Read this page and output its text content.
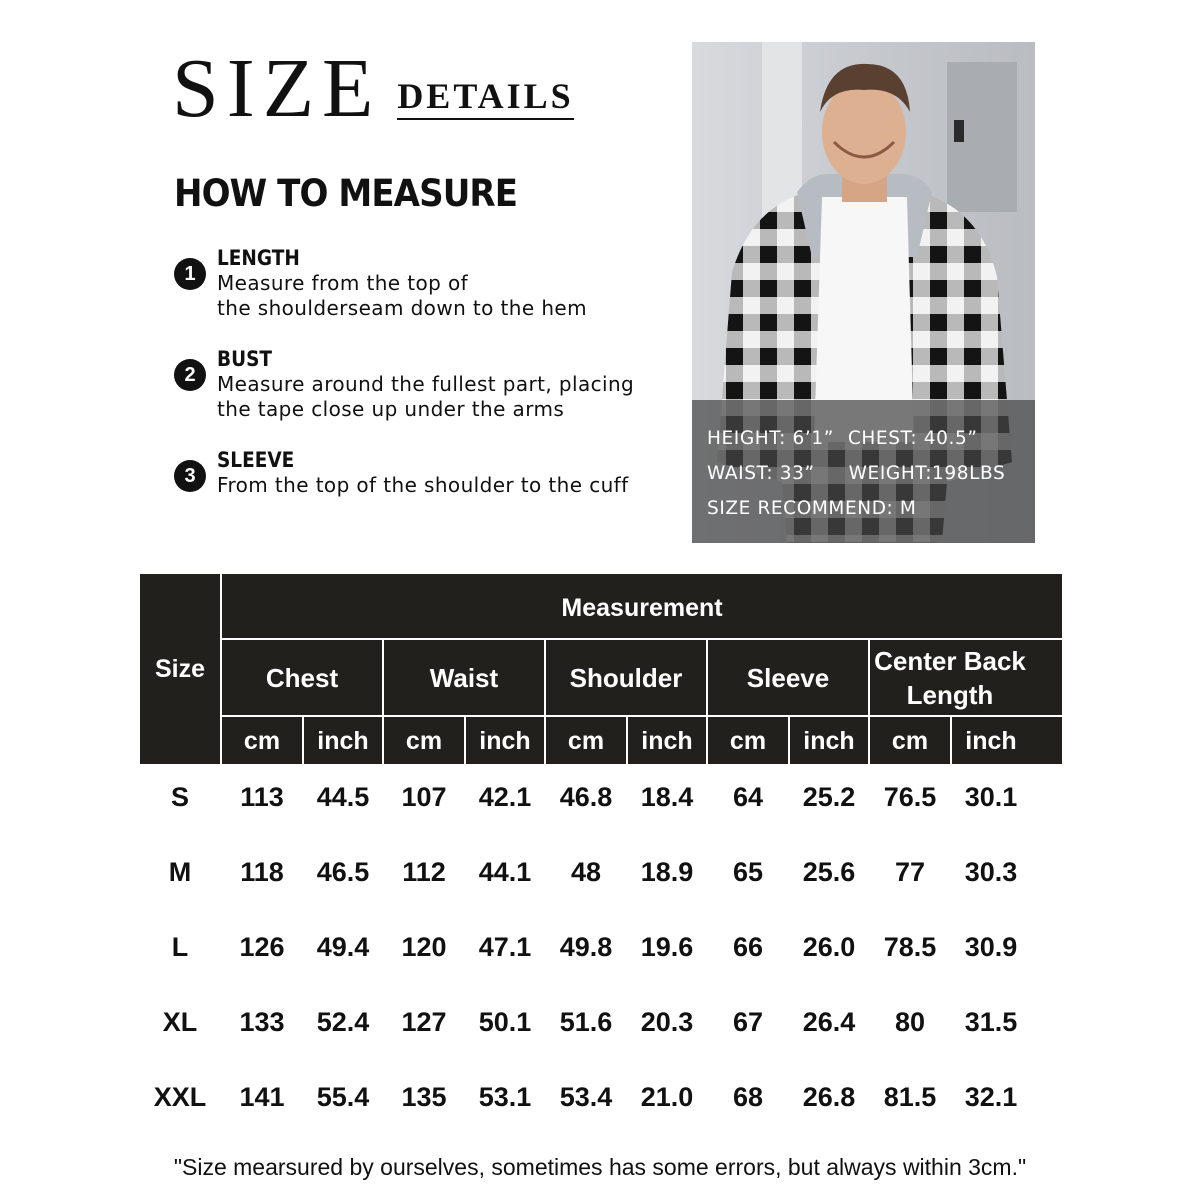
SIZE DETAILS
HOW TO MEASURE
1
LENGTH
Measure from the top of
the shoulderseam down to the hem
2
BUST
Measure around the fullest part, placing
the tape close up under the arms
3
SLEEVE
From the top of the shoulder to the cuff
HEIGHT: 6’1” CHEST: 40.5”
WAIST: 33” WEIGHT:198LBS
SIZE RECOMMEND: M
Size
Measurement
Chest	Waist	Shoulder	Sleeve
Center Back Length
cm	inch	cm	inch	cm	inch	cm	inch	cm	inch
S	113	44.5	107	42.1	46.8	18.4	64	25.2	76.5	30.1
M	118	46.5	112	44.1	48	18.9	65	25.6	77	30.3
L	126	49.4	120	47.1	49.8	19.6	66	26.0	78.5	30.9
XL	133	52.4	127	50.1	51.6	20.3	67	26.4	80	31.5
XXL	141	55.4	135	53.1	53.4	21.0	68	26.8	81.5	32.1
"Size mearsured by ourselves, sometimes has some errors, but always within 3cm."
